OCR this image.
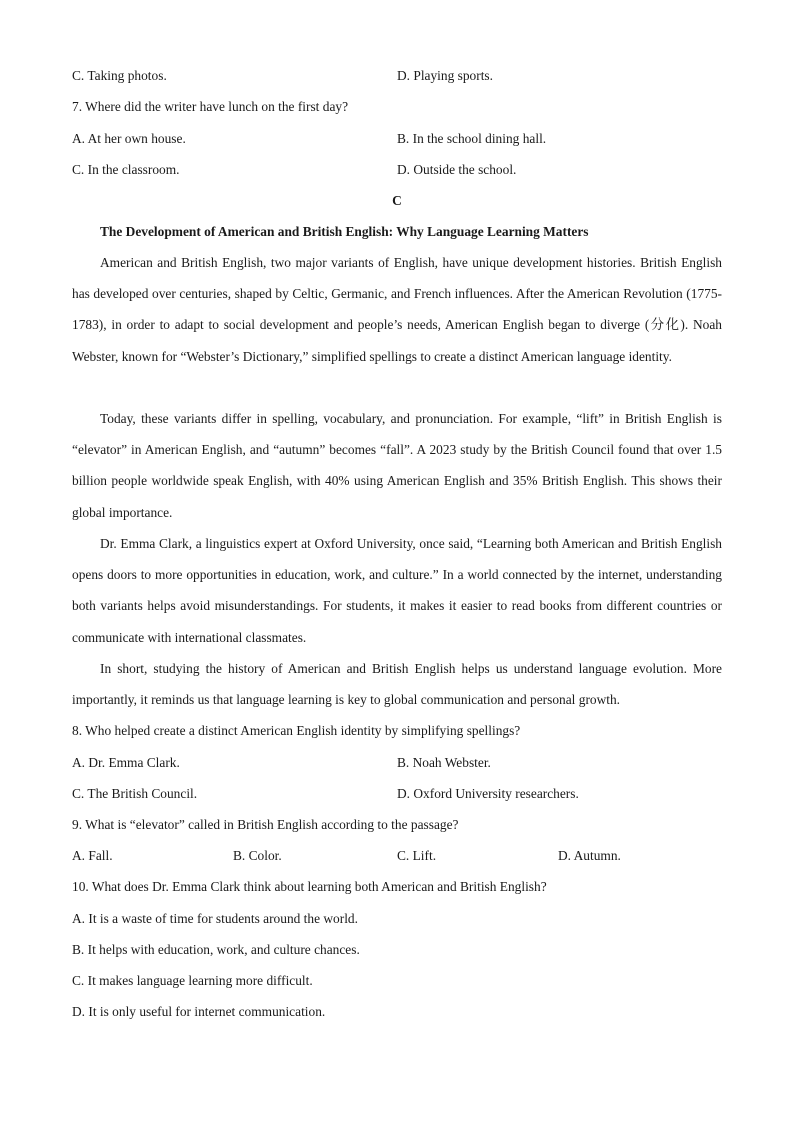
C. Taking photos.	D. Playing sports.
7. Where did the writer have lunch on the first day?
A. At her own house.	B. In the school dining hall.
C. In the classroom.	D. Outside the school.
C
The Development of American and British English: Why Language Learning Matters

American and British English, two major variants of English, have unique development histories. British English has developed over centuries, shaped by Celtic, Germanic, and French influences. After the American Revolution (1775-1783), in order to adapt to social development and people’s needs, American English began to diverge (分化). Noah Webster, known for “Webster’s Dictionary,” simplified spellings to create a distinct American language identity.

Today, these variants differ in spelling, vocabulary, and pronunciation. For example, “lift” in British English is “elevator” in American English, and “autumn” becomes “fall”. A 2023 study by the British Council found that over 1.5 billion people worldwide speak English, with 40% using American English and 35% British English. This shows their global importance.

Dr. Emma Clark, a linguistics expert at Oxford University, once said, “Learning both American and British English opens doors to more opportunities in education, work, and culture.” In a world connected by the internet, understanding both variants helps avoid misunderstandings. For students, it makes it easier to read books from different countries or communicate with international classmates.

In short, studying the history of American and British English helps us understand language evolution. More importantly, it reminds us that language learning is key to global communication and personal growth.

8. Who helped create a distinct American English identity by simplifying spellings?
A. Dr. Emma Clark.	B. Noah Webster.
C. The British Council.	D. Oxford University researchers.
9. What is “elevator” called in British English according to the passage?
A. Fall.	B. Color.	C. Lift.	D. Autumn.
10. What does Dr. Emma Clark think about learning both American and British English?
A. It is a waste of time for students around the world.
B. It helps with education, work, and culture chances.
C. It makes language learning more difficult.
D. It is only useful for internet communication.
